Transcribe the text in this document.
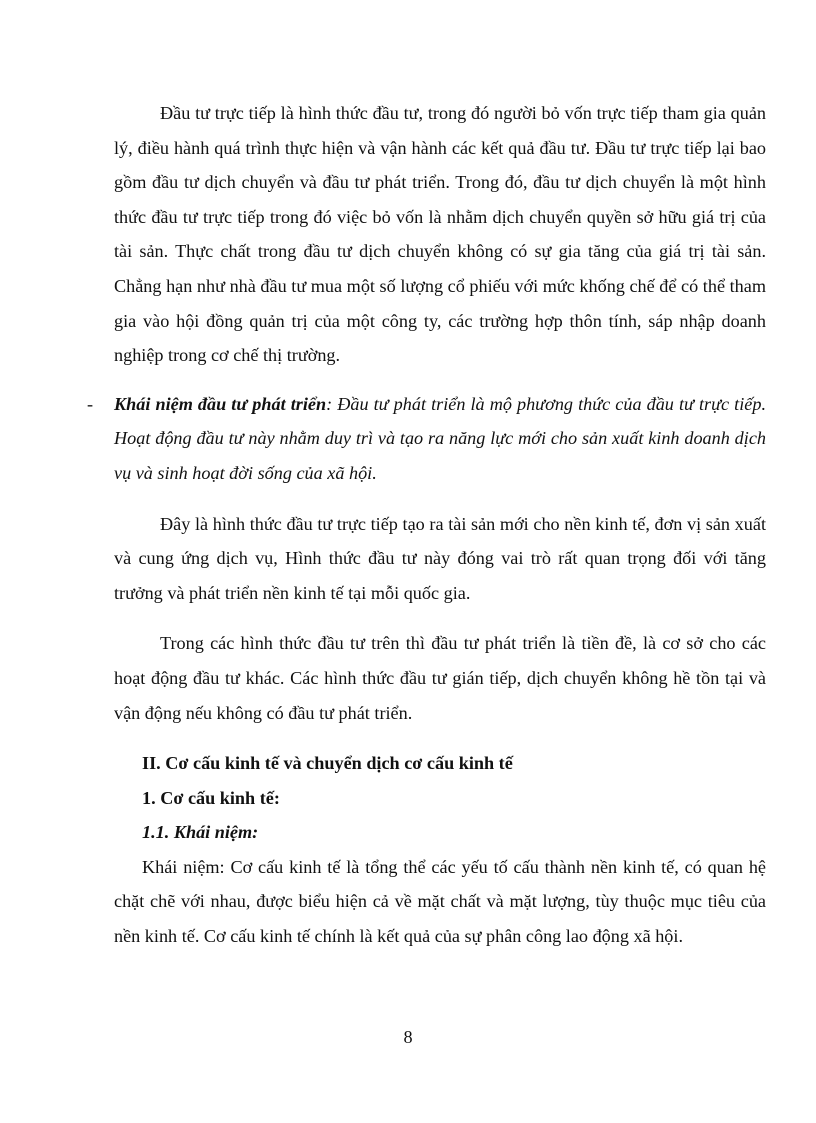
Đầu tư trực tiếp là hình thức đầu tư, trong đó người bỏ vốn trực tiếp tham gia quản lý, điều hành quá trình thực hiện và vận hành các kết quả đầu tư. Đầu tư trực tiếp lại bao gồm đầu tư dịch chuyển và đầu tư phát triển. Trong đó, đầu tư dịch chuyển là một hình thức đầu tư trực tiếp trong đó việc bỏ vốn là nhằm dịch chuyển quyền sở hữu giá trị của tài sản. Thực chất trong đầu tư dịch chuyển không có sự gia tăng của giá trị tài sản. Chẳng hạn như nhà đầu tư mua một số lượng cổ phiếu với mức khống chế để có thể tham gia vào hội đồng quản trị của một công ty, các trường hợp thôn tính, sáp nhập doanh nghiệp trong cơ chế thị trường.

- Khái niệm đầu tư phát triển: Đầu tư phát triển là mộ phương thức của đầu tư trực tiếp. Hoạt động đầu tư này nhằm duy trì và tạo ra năng lực mới cho sản xuất kinh doanh dịch vụ và sinh hoạt đời sống của xã hội.

Đây là hình thức đầu tư trực tiếp tạo ra tài sản mới cho nền kinh tế, đơn vị sản xuất và cung ứng dịch vụ, Hình thức đầu tư này đóng vai trò rất quan trọng đối với tăng trưởng và phát triển nền kinh tế tại mỗi quốc gia.

Trong các hình thức đầu tư trên thì đầu tư phát triển là tiền đề, là cơ sở cho các hoạt động đầu tư khác. Các hình thức đầu tư gián tiếp, dịch chuyển không hề tồn tại và vận động nếu không có đầu tư phát triển.

II. Cơ cấu kinh tế và chuyển dịch cơ cấu kinh tế

1. Cơ cấu kinh tế:

1.1. Khái niệm:

Khái niệm: Cơ cấu kinh tế là tổng thể các yếu tố cấu thành nền kinh tế, có quan hệ chặt chẽ với nhau, được biểu hiện cả về mặt chất và mặt lượng, tùy thuộc mục tiêu của nền kinh tế. Cơ cấu kinh tế chính là kết quả của sự phân công lao động xã hội.

8
